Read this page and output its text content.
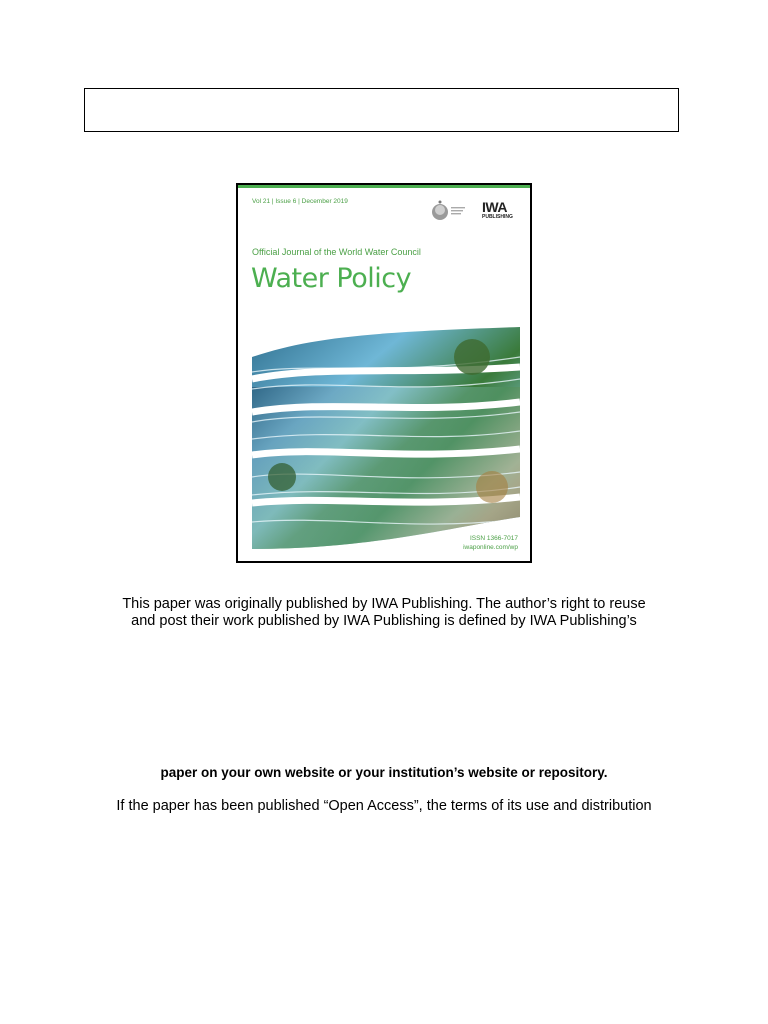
Vol 21 | Issue 6 | December 2019	IWA
PUBLISHING
Official Journal of the World Water Council
Water Policy
ISSN 1366-7017
iwaponline.com/wp
This paper was originally published by IWA Publishing. The author’s right to reuse
and post their work published by IWA Publishing is defined by IWA Publishing’s
paper on your own website or your institution’s website or repository.
If the paper has been published “Open Access”, the terms of its use and distribution
